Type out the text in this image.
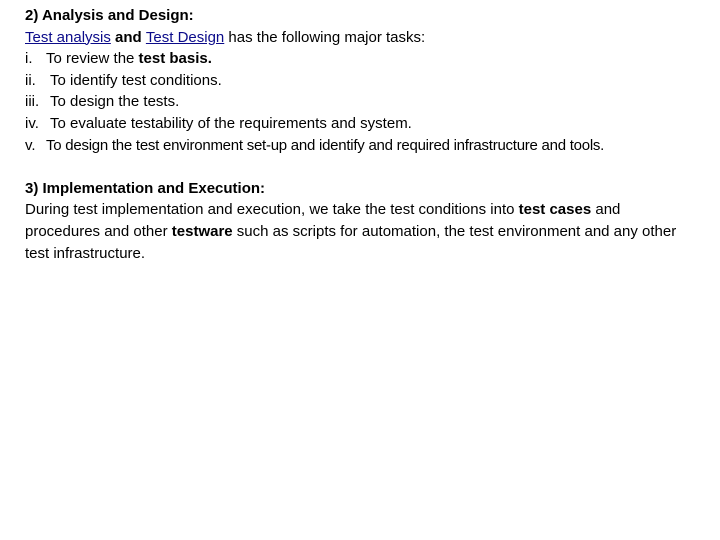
2) Analysis and Design:
Test analysis and Test Design has the following major tasks:
i. To review the test basis.
ii. To identify test conditions.
iii. To design the tests.
iv. To evaluate testability of the requirements and system.
v. To design the test environment set-up and identify and required infrastructure and tools.
3) Implementation and Execution:
During test implementation and execution, we take the test conditions into test cases and procedures and other testware such as scripts for automation, the test environment and any other test infrastructure.
